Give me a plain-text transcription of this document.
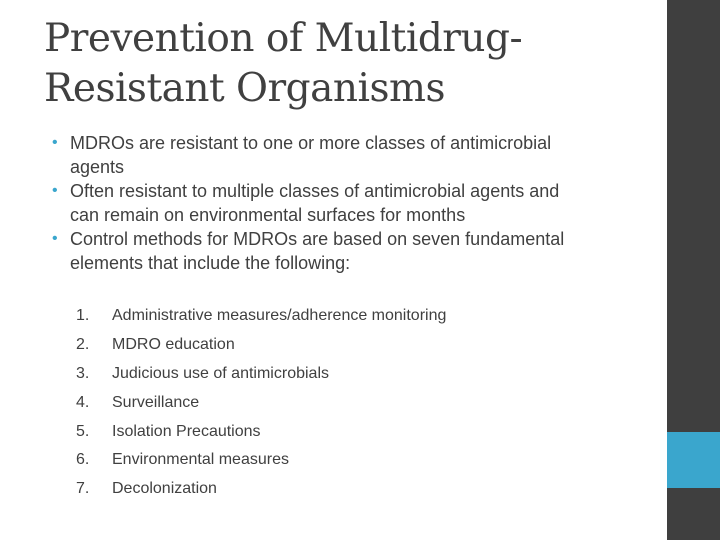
Prevention of Multidrug-
Resistant Organisms
• MDROs are resistant to one or more classes of antimicrobial
agents
• Often resistant to multiple classes of antimicrobial agents and
can remain on environmental surfaces for months
• Control methods for MDROs are based on seven fundamental
elements that include the following:
1. Administrative measures/adherence monitoring
2. MDRO education
3. Judicious use of antimicrobials
4. Surveillance
5. Isolation Precautions
6. Environmental measures
7. Decolonization
